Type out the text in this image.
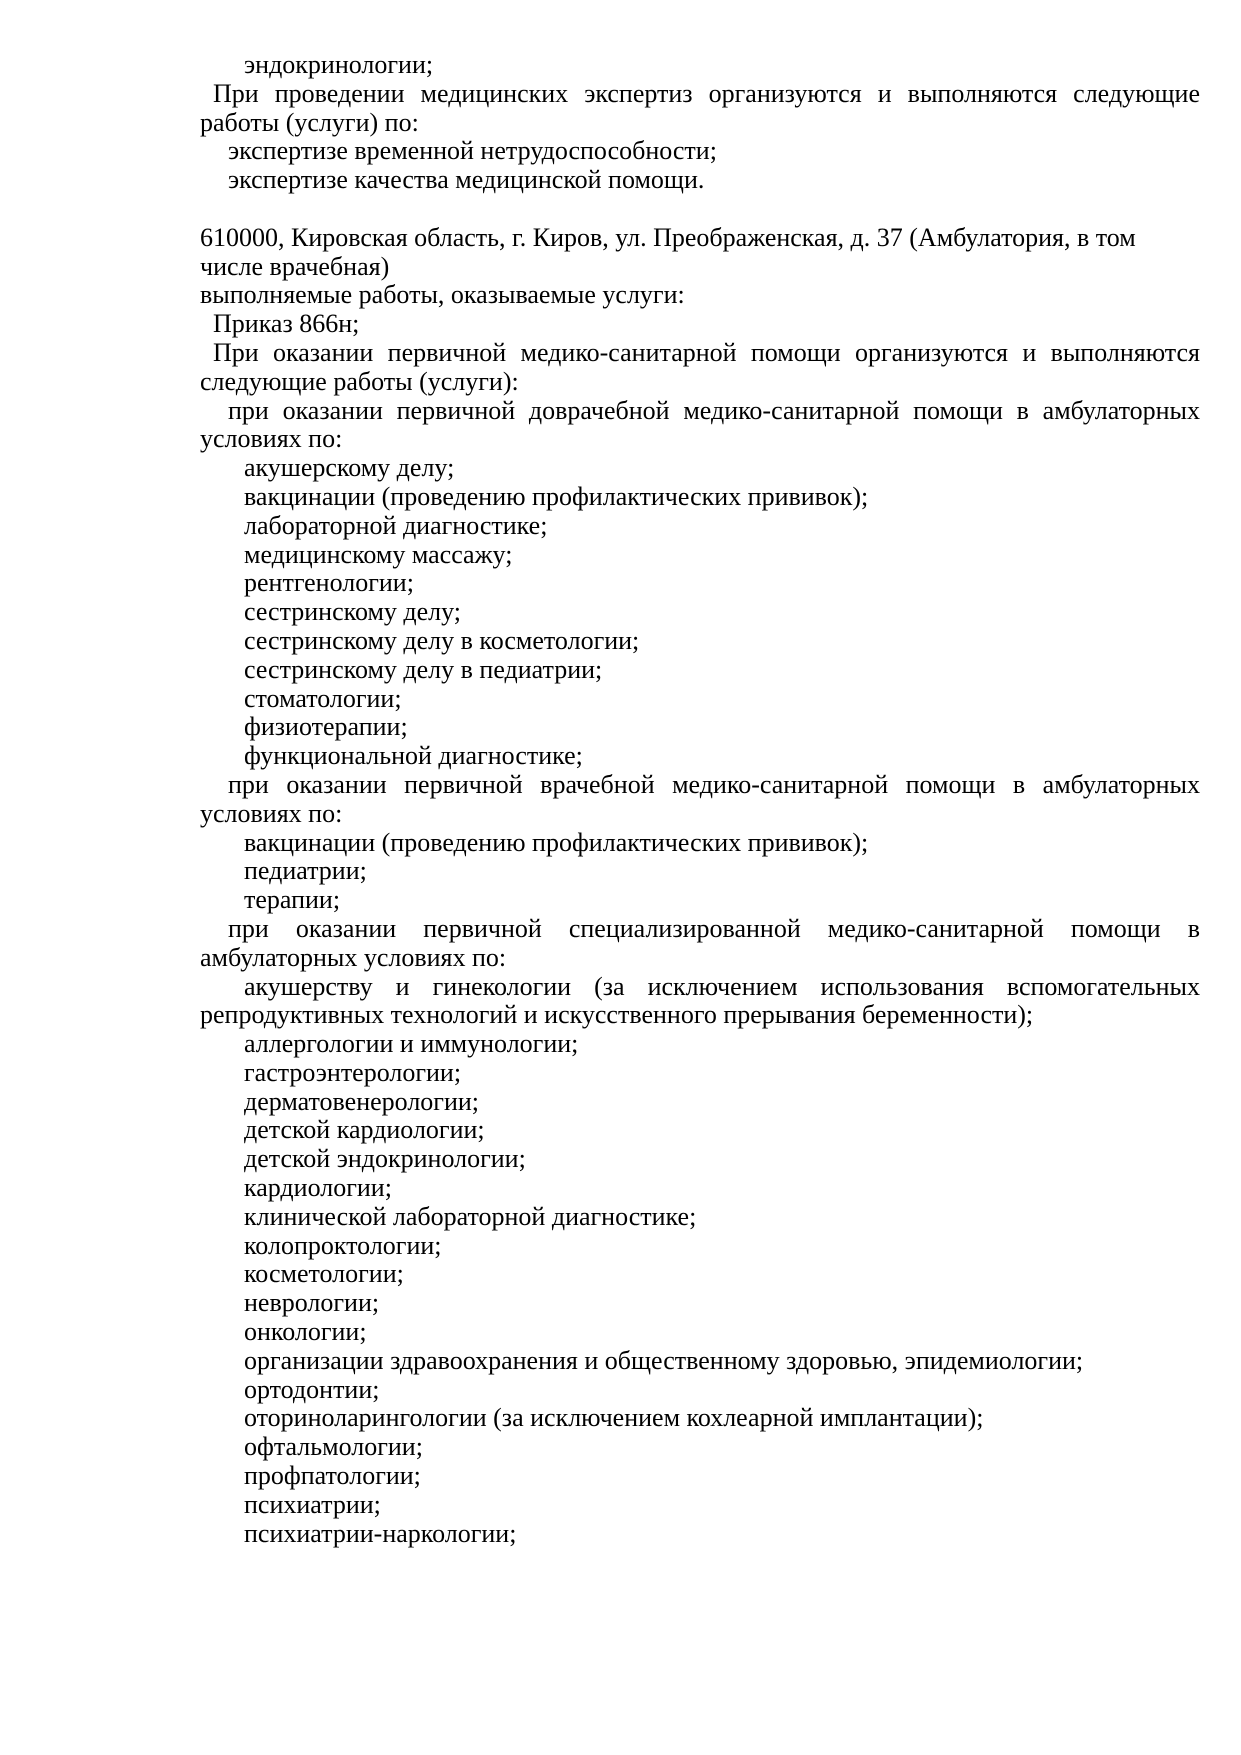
эндокринологии;
При проведении медицинских экспертиз организуются и выполняются следующие
работы (услуги) по:
экспертизе временной нетрудоспособности;
экспертизе качества медицинской помощи.
610000, Кировская область, г. Киров, ул. Преображенская, д. 37 (Амбулатория, в том
числе врачебная)
выполняемые работы, оказываемые услуги:
Приказ 866н;
При оказании первичной медико-санитарной помощи организуются и выполняются
следующие работы (услуги):
при оказании первичной доврачебной медико-санитарной помощи в амбулаторных
условиях по:
акушерскому делу;
вакцинации (проведению профилактических прививок);
лабораторной диагностике;
медицинскому массажу;
рентгенологии;
сестринскому делу;
сестринскому делу в косметологии;
сестринскому делу в педиатрии;
стоматологии;
физиотерапии;
функциональной диагностике;
при оказании первичной врачебной медико-санитарной помощи в амбулаторных
условиях по:
вакцинации (проведению профилактических прививок);
педиатрии;
терапии;
при оказании первичной специализированной медико-санитарной помощи в
амбулаторных условиях по:
акушерству и гинекологии (за исключением использования вспомогательных
репродуктивных технологий и искусственного прерывания беременности);
аллергологии и иммунологии;
гастроэнтерологии;
дерматовенерологии;
детской кардиологии;
детской эндокринологии;
кардиологии;
клинической лабораторной диагностике;
колопроктологии;
косметологии;
неврологии;
онкологии;
организации здравоохранения и общественному здоровью, эпидемиологии;
ортодонтии;
оториноларингологии (за исключением кохлеарной имплантации);
офтальмологии;
профпатологии;
психиатрии;
психиатрии-наркологии;
